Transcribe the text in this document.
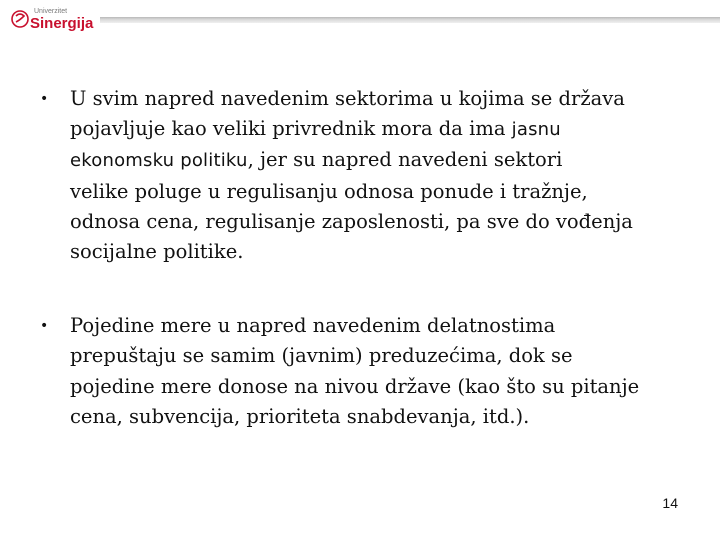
Univerzitet
Sinergija
•	U svim napred navedenim sektorima u kojima se država
pojavljuje kao veliki privrednik mora da ima jasnu
ekonomsku politiku, jer su napred navedeni sektori
velike poluge u regulisanju odnosa ponude i tražnje,
odnosa cena, regulisanje zaposlenosti, pa sve do vođenja
socijalne politike.
•	Pojedine mere u napred navedenim delatnostima
prepuštaju se samim (javnim) preduzećima, dok se
pojedine mere donose na nivou države (kao što su pitanje
cena, subvencija, prioriteta snabdevanja, itd.).
14
